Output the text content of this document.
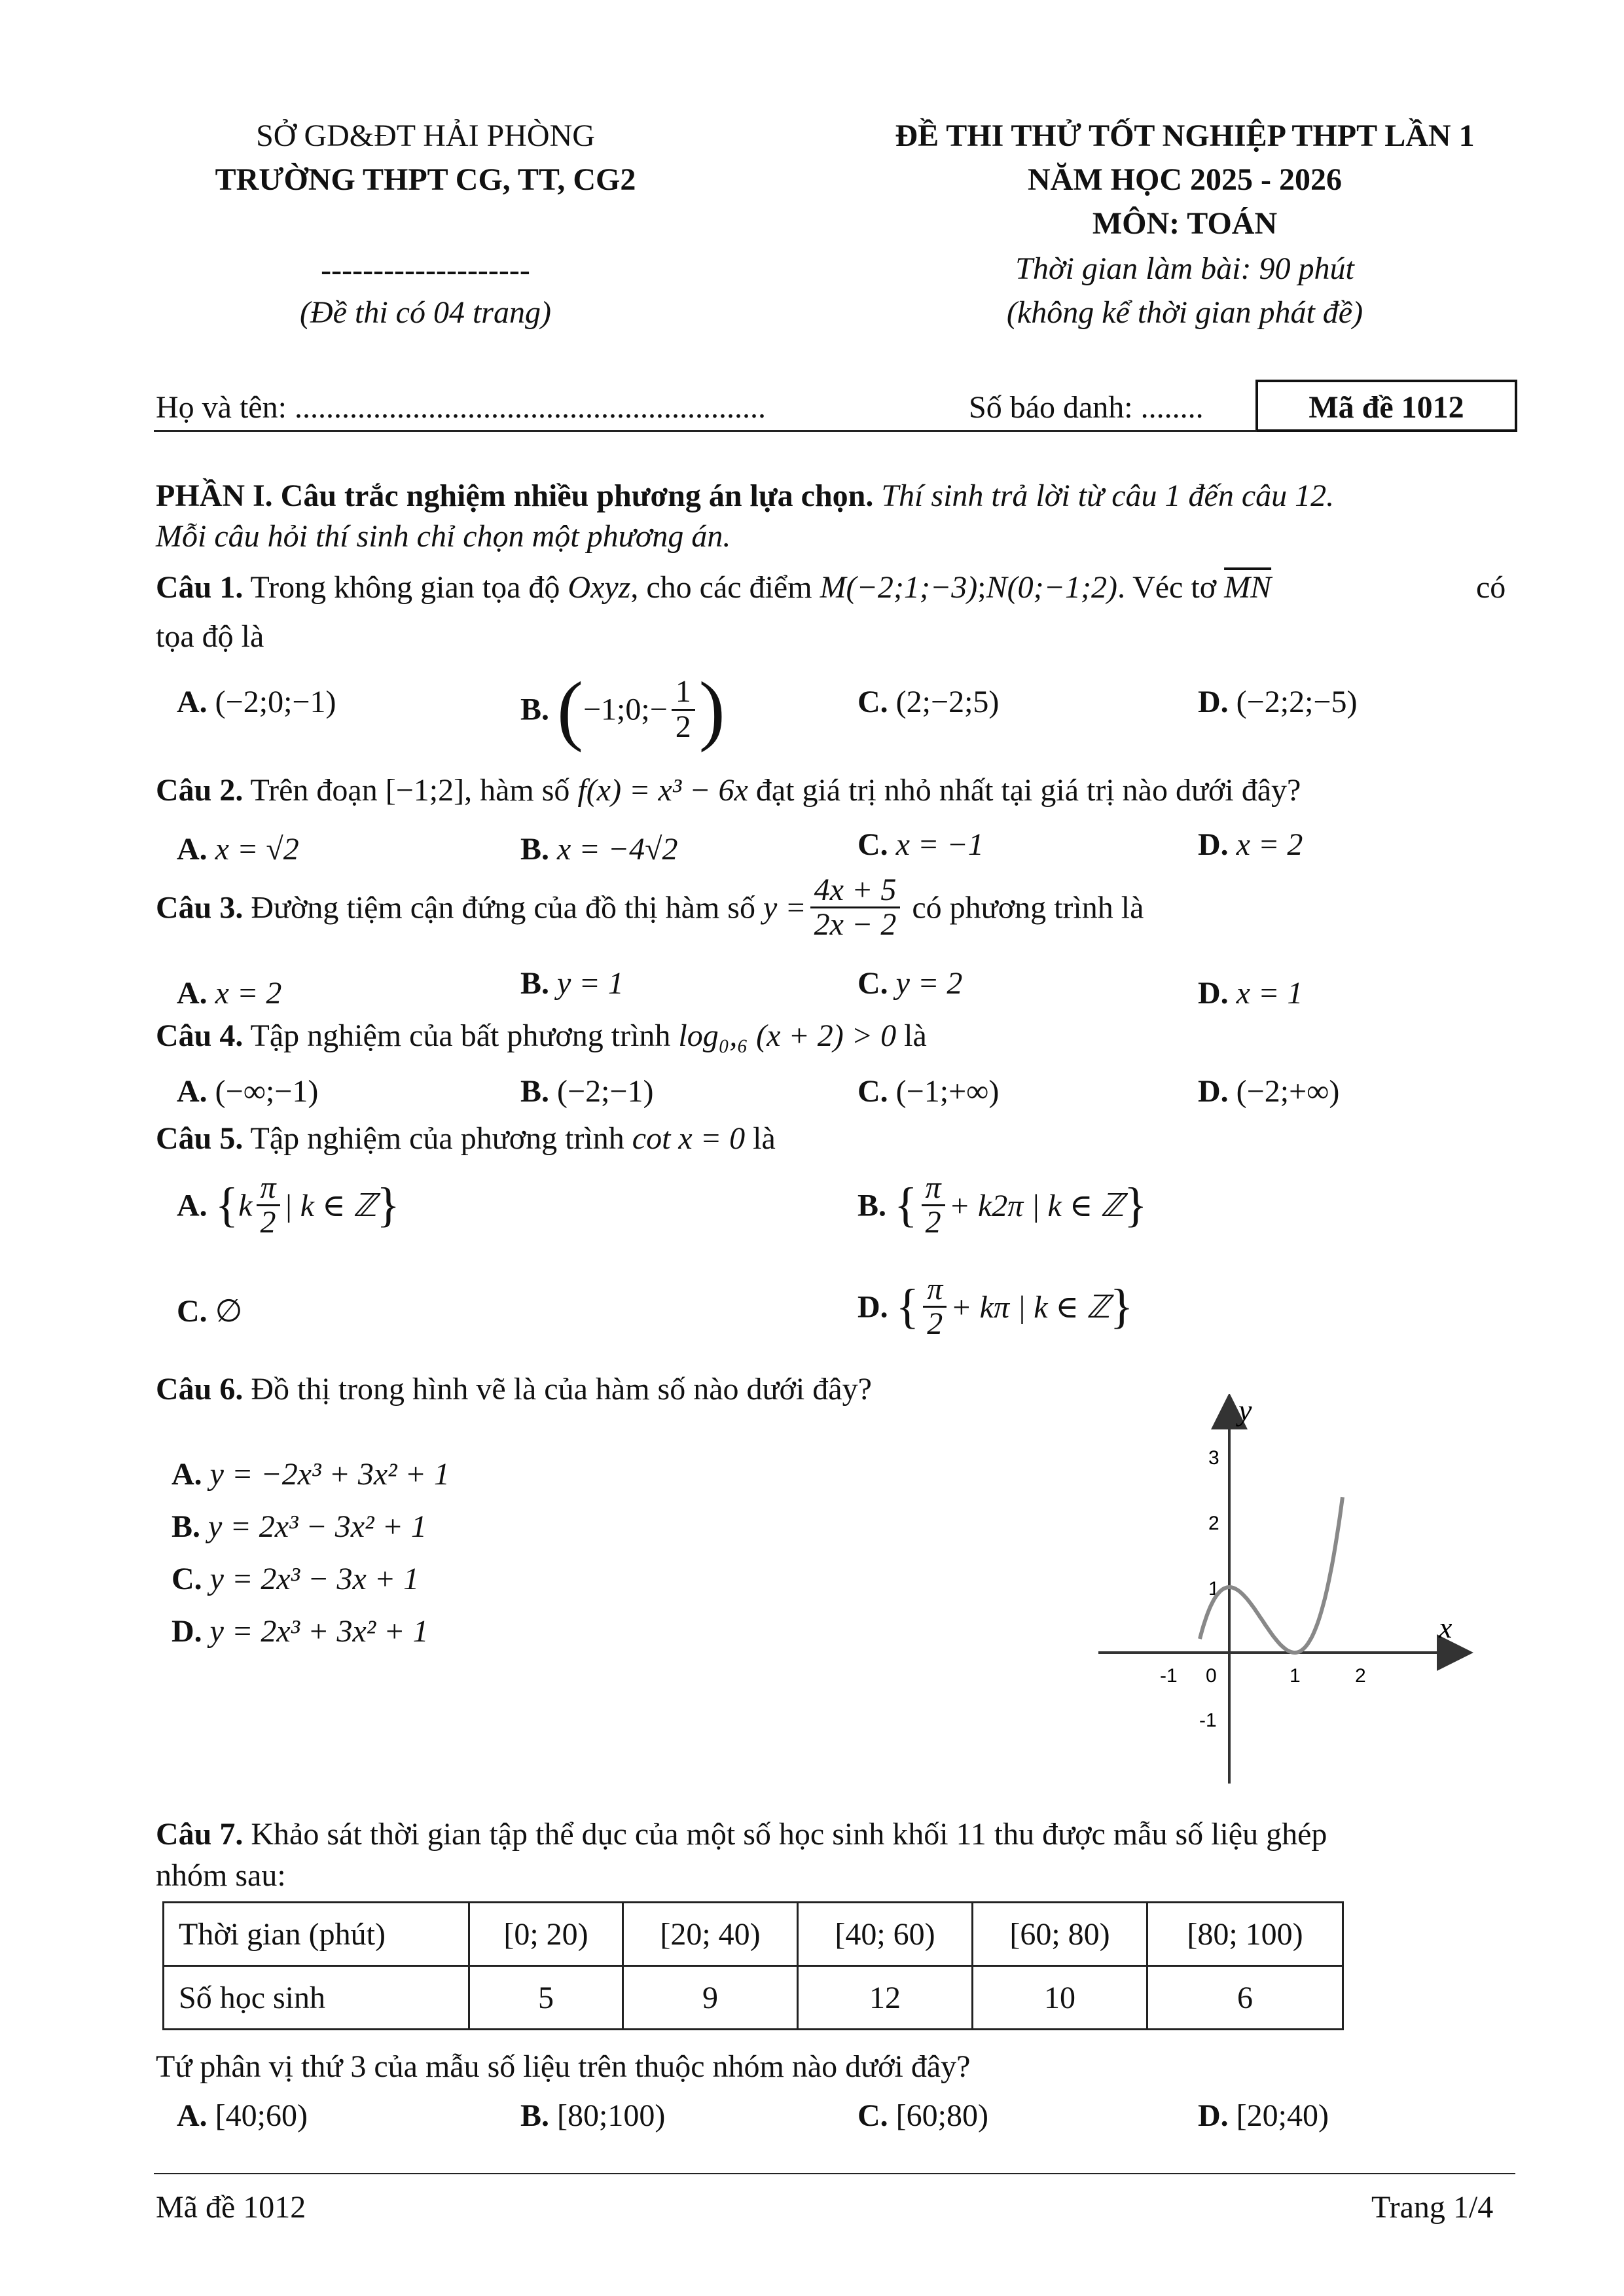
SỞ GD&ĐT HẢI PHÒNG
TRƯỜNG THPT CG, TT, CG2
--------------------
(Đề thi có 04 trang)
ĐỀ THI THỬ TỐT NGHIỆP THPT LẦN 1
NĂM HỌC 2025 - 2026
MÔN: TOÁN
Thời gian làm bài: 90 phút
(không kể thời gian phát đề)
Họ và tên: ............................................................	Số báo danh: ........	Mã đề 1012
PHẦN I. Câu trắc nghiệm nhiều phương án lựa chọn. Thí sinh trả lời từ câu 1 đến câu 12.
Mỗi câu hỏi thí sinh chỉ chọn một phương án.
Câu 1. Trong không gian tọa độ Oxyz, cho các điểm M(−2;1;−3);N(0;−1;2). Véc tơ $\overline{MN}$	có
tọa độ là
A. (−2;0;−1)	B. (−1;0;− $\frac{1}{2}$ )	C. (2;−2;5)	D. (−2;2;−5)
Câu 2. Trên đoạn [−1;2], hàm số f(x) = x³ − 6x đạt giá trị nhỏ nhất tại giá trị nào dưới đây?
A. x = √2	B. x = −4√2	C. x = −1	D. x = 2
Câu 3. Đường tiệm cận đứng của đồ thị hàm số $y = \frac{4x + 5}{2x - 2}$ có phương trình là
A. x = 2	B. y = 1	C. y = 2	D. x = 1
Câu 4. Tập nghiệm của bất phương trình log₀,₆ (x + 2) > 0 là
A. (−∞;−1)	B. (−2;−1)	C. (−1;+∞)	D. (−2;+∞)
Câu 5. Tập nghiệm của phương trình cot x = 0 là
A. {$k \frac{\pi}{2}$ | k ∈ ℤ}	B. { $\frac{\pi}{2} + k2\pi$ | k ∈ ℤ}
C. ∅	D. { $\frac{\pi}{2} + k\pi$ | k ∈ ℤ}
Câu 6. Đồ thị trong hình vẽ là của hàm số nào dưới đây?
A. y = −2x³ + 3x² + 1
B. y = 2x³ − 3x² + 1
C. y = 2x³ − 3x + 1
D. y = 2x³ + 3x² + 1	x
y
-1 0	1	2
3
2
1
-1
Câu 7. Khảo sát thời gian tập thể dục của một số học sinh khối 11 thu được mẫu số liệu ghép
nhóm sau:
Thời gian (phút)	[0; 20)	[20; 40)	[40; 60)	[60; 80)	[80; 100)
Số học sinh	5	9	12	10	6
Tứ phân vị thứ 3 của mẫu số liệu trên thuộc nhóm nào dưới đây?
A. [40;60)	B. [80;100)	C. [60;80)	D. [20;40)
Mã đề 1012	Trang 1/4
